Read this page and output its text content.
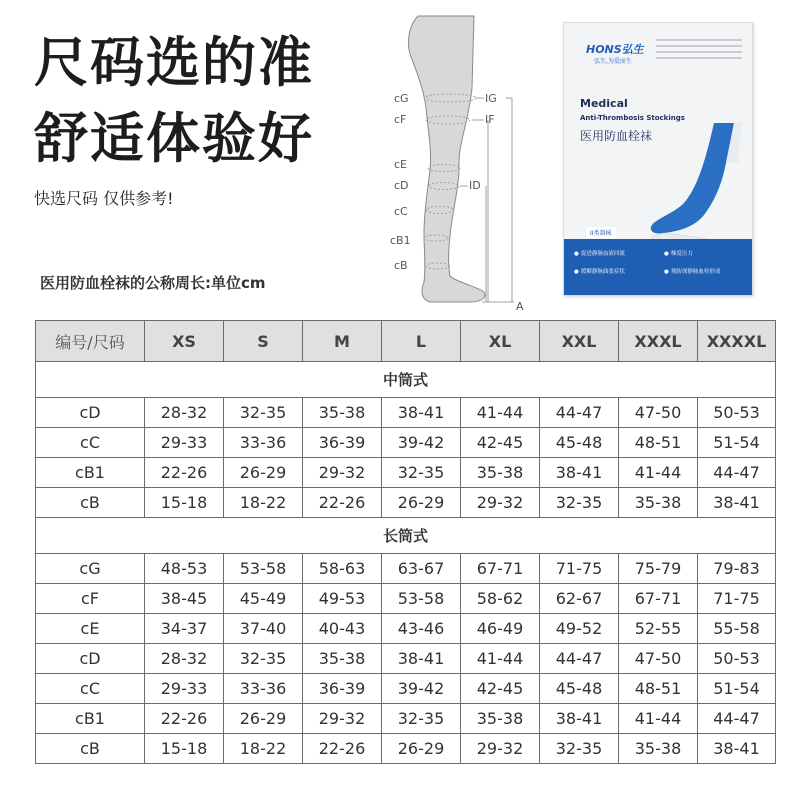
尺码选的准
舒适体验好
快选尺码 仅供参考!
医用防血栓袜的公称周长:单位cm
cG
cF
cE
cD
cC
cB1
cB
IG
IF
ID
A
HONS弘生
弘生,为爱而生
Medical
Anti-Thrombosis Stockings
医用防血栓袜
II类器械
● 促进静脉血液回流	● 梯度压力
● 缓解静脉曲张症状	● 预防深静脉血栓形成
编号/尺码	XS	S	M	L	XL	XXL	XXXL	XXXXL
中筒式								
cD	28-32	32-35	35-38	38-41	41-44	44-47	47-50	50-53
cC	29-33	33-36	36-39	39-42	42-45	45-48	48-51	51-54
cB1	22-26	26-29	29-32	32-35	35-38	38-41	41-44	44-47
cB	15-18	18-22	22-26	26-29	29-32	32-35	35-38	38-41
长筒式								
cG	48-53	53-58	58-63	63-67	67-71	71-75	75-79	79-83
cF	38-45	45-49	49-53	53-58	58-62	62-67	67-71	71-75
cE	34-37	37-40	40-43	43-46	46-49	49-52	52-55	55-58
cD	28-32	32-35	35-38	38-41	41-44	44-47	47-50	50-53
cC	29-33	33-36	36-39	39-42	42-45	45-48	48-51	51-54
cB1	22-26	26-29	29-32	32-35	35-38	38-41	41-44	44-47
cB	15-18	18-22	22-26	26-29	29-32	32-35	35-38	38-41
